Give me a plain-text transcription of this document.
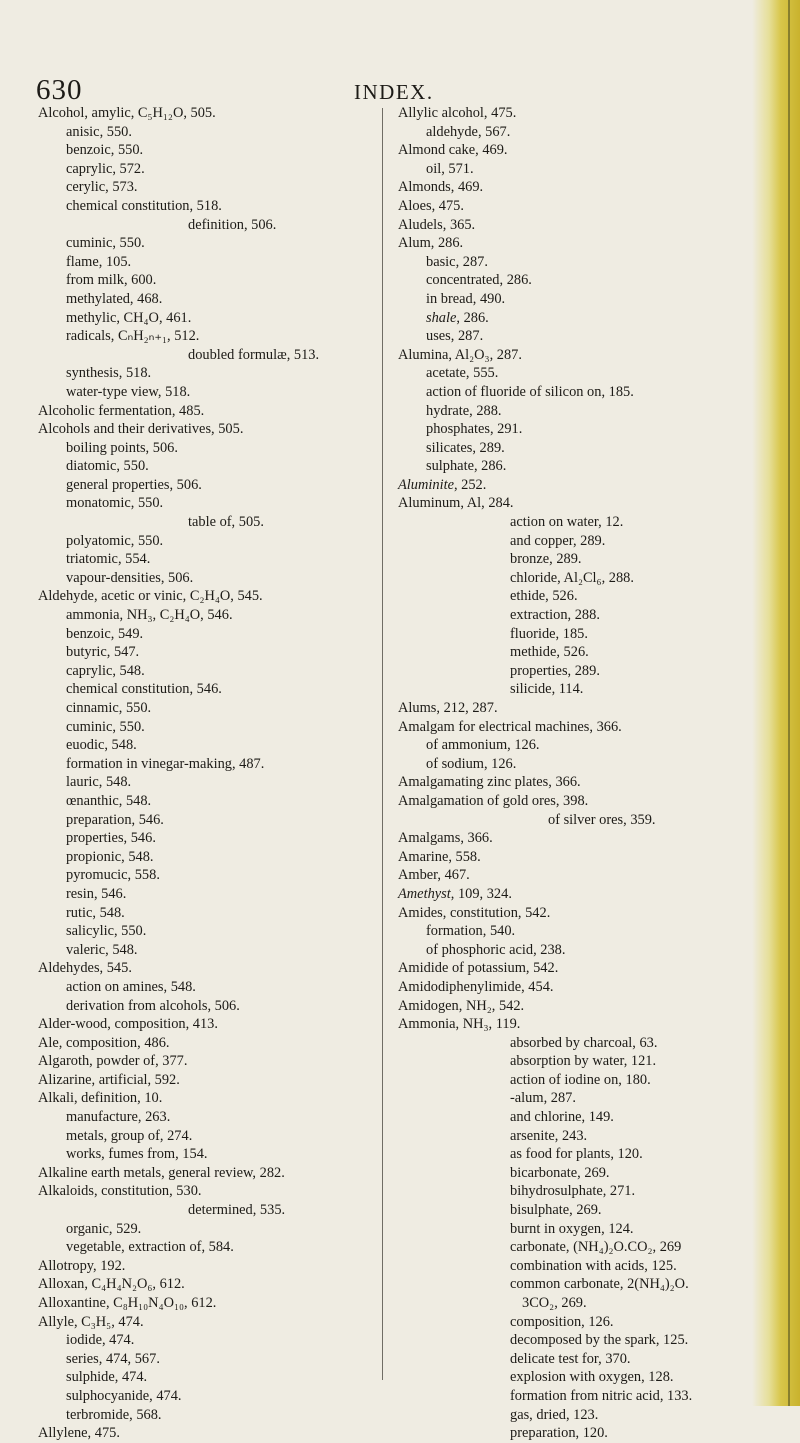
630	INDEX.
Alcohol, amylic, C₅H₁₂O, 505.
anisic, 550.
benzoic, 550.
caprylic, 572.
cerylic, 573.
chemical constitution, 518.
definition, 506.
cuminic, 550.
flame, 105.
from milk, 600.
methylated, 468.
methylic, CH₄O, 461.
radicals, CₙH₂ₙ₊₁, 512.
doubled formulæ, 513.
synthesis, 518.
water-type view, 518.
Alcoholic fermentation, 485.
Alcohols and their derivatives, 505.
boiling points, 506.
diatomic, 550.
general properties, 506.
monatomic, 550.
table of, 505.
polyatomic, 550.
triatomic, 554.
vapour-densities, 506.
Aldehyde, acetic or vinic, C₂H₄O, 545.
ammonia, NH₃, C₂H₄O, 546.
benzoic, 549.
butyric, 547.
caprylic, 548.
chemical constitution, 546.
cinnamic, 550.
cuminic, 550.
euodic, 548.
formation in vinegar-making, 487.
lauric, 548.
œnanthic, 548.
preparation, 546.
properties, 546.
propionic, 548.
pyromucic, 558.
resin, 546.
rutic, 548.
salicylic, 550.
valeric, 548.
Aldehydes, 545.
action on amines, 548.
derivation from alcohols, 506.
Alder-wood, composition, 413.
Ale, composition, 486.
Algaroth, powder of, 377.
Alizarine, artificial, 592.
Alkali, definition, 10.
manufacture, 263.
metals, group of, 274.
works, fumes from, 154.
Alkaline earth metals, general review, 282.
Alkaloids, constitution, 530.
determined, 535.
organic, 529.
vegetable, extraction of, 584.
Allotropy, 192.
Alloxan, C₄H₄N₂O₆, 612.
Alloxantine, C₈H₁₀N₄O₁₀, 612.
Allyle, C₃H₅, 474.
iodide, 474.
series, 474, 567.
sulphide, 474.
sulphocyanide, 474.
terbromide, 568.
Allylene, 475.
Allylic alcohol, 475.
aldehyde, 567.
Almond cake, 469.
oil, 571.
Almonds, 469.
Aloes, 475.
Aludels, 365.
Alum, 286.
basic, 287.
concentrated, 286.
in bread, 490.
shale, 286.
uses, 287.
Alumina, Al₂O₃, 287.
acetate, 555.
action of fluoride of silicon on, 185.
hydrate, 288.
phosphates, 291.
silicates, 289.
sulphate, 286.
Aluminite, 252.
Aluminum, Al, 284.
action on water, 12.
and copper, 289.
bronze, 289.
chloride, Al₂Cl₆, 288.
ethide, 526.
extraction, 288.
fluoride, 185.
methide, 526.
properties, 289.
silicide, 114.
Alums, 212, 287.
Amalgam for electrical machines, 366.
of ammonium, 126.
of sodium, 126.
Amalgamating zinc plates, 366.
Amalgamation of gold ores, 398.
of silver ores, 359.
Amalgams, 366.
Amarine, 558.
Amber, 467.
Amethyst, 109, 324.
Amides, constitution, 542.
formation, 540.
of phosphoric acid, 238.
Amidide of potassium, 542.
Amidodiphenylimide, 454.
Amidogen, NH₂, 542.
Ammonia, NH₃, 119.
absorbed by charcoal, 63.
absorption by water, 121.
action of iodine on, 180.
-alum, 287.
and chlorine, 149.
arsenite, 243.
as food for plants, 120.
bicarbonate, 269.
bihydrosulphate, 271.
bisulphate, 269.
burnt in oxygen, 124.
carbonate, (NH₄)₂O.CO₂, 269
combination with acids, 125.
common carbonate, 2(NH₄)₂O.
3CO₂, 269.
composition, 126.
decomposed by the spark, 125.
delicate test for, 370.
explosion with oxygen, 128.
formation from nitric acid, 133.
gas, dried, 123.
preparation, 120.
